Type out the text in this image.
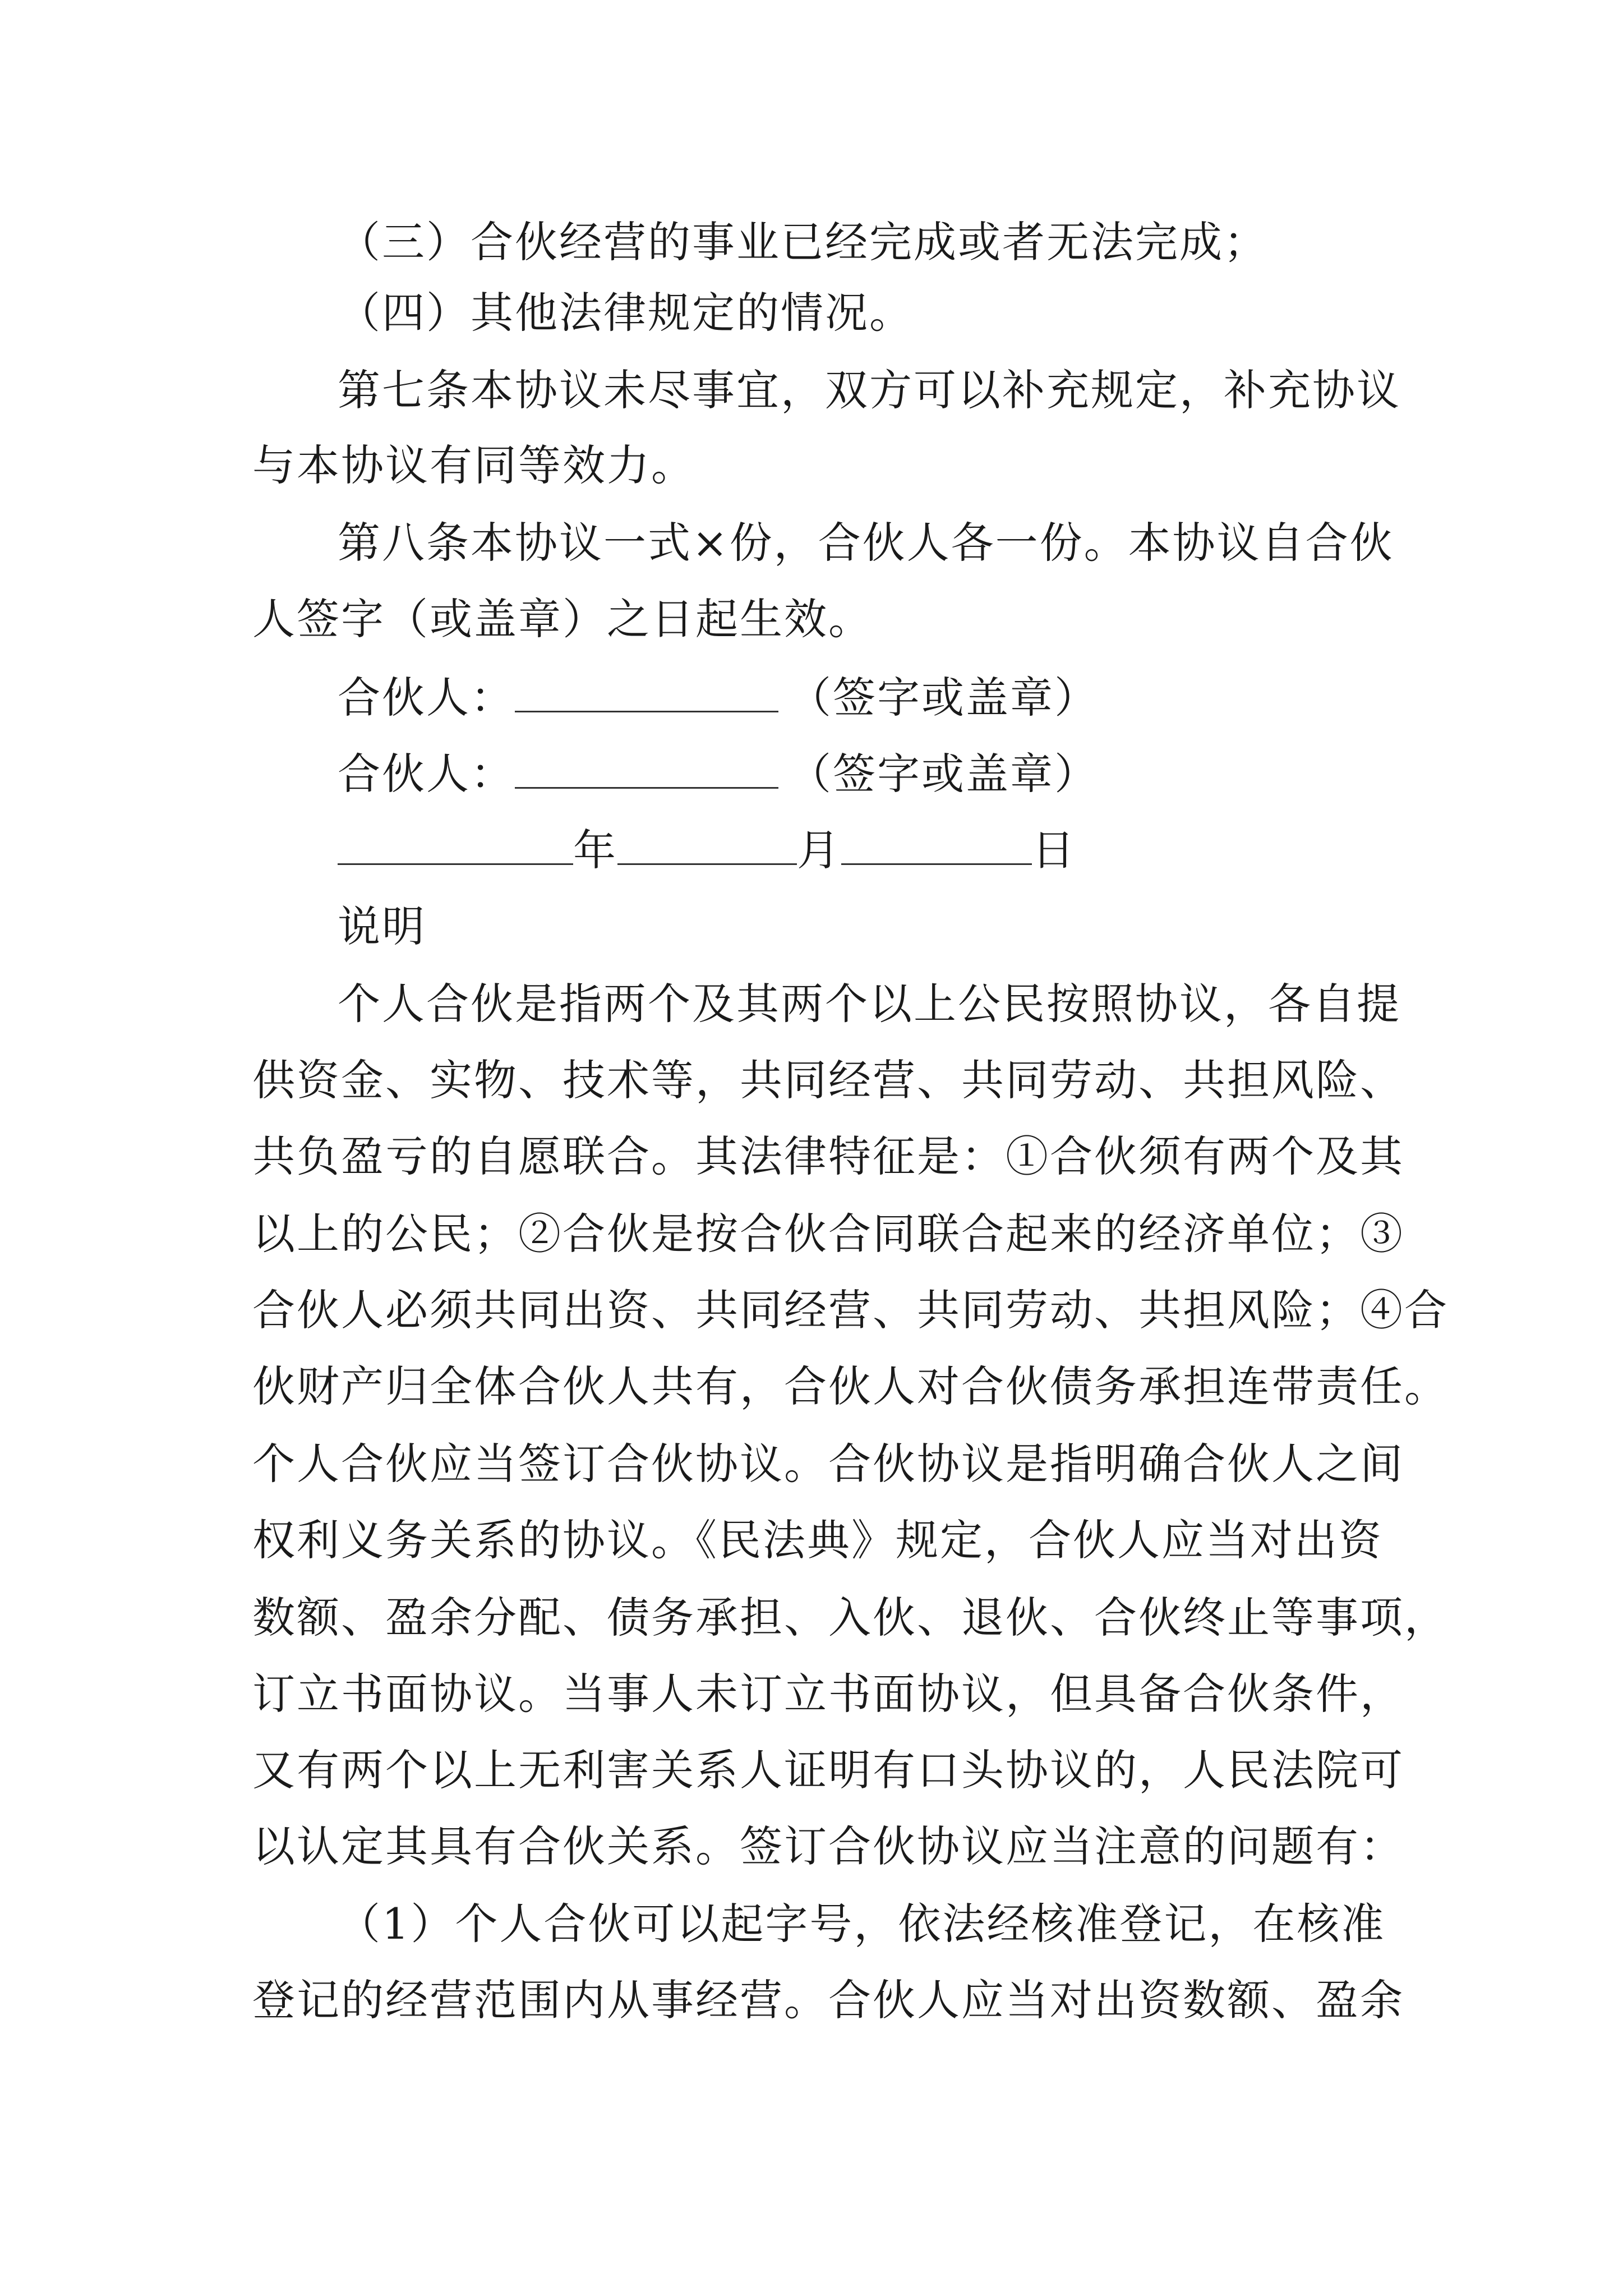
（三）合伙经营的事业已经完成或者无法完成；
（四）其他法律规定的情况。
第七条本协议未尽事宜，双方可以补充规定，补充协议
与本协议有同等效力。
第八条本协议一式×份，合伙人各一份。本协议自合伙
人签字（或盖章）之日起生效。
合伙人：	（签字或盖章）
合伙人：	（签字或盖章）
年	月	日
说明
个人合伙是指两个及其两个以上公民按照协议，各自提
供资金、实物、技术等，共同经营、共同劳动、共担风险、
共负盈亏的自愿联合。其法律特征是：①合伙须有两个及其
以上的公民；②合伙是按合伙合同联合起来的经济单位；③
合伙人必须共同出资、共同经营、共同劳动、共担风险；④合
伙财产归全体合伙人共有，合伙人对合伙债务承担连带责任。
个人合伙应当签订合伙协议。合伙协议是指明确合伙人之间
权利义务关系的协议。《民法典》规定，合伙人应当对出资
数额、盈余分配、债务承担、入伙、退伙、合伙终止等事项，
订立书面协议。当事人未订立书面协议，但具备合伙条件，
又有两个以上无利害关系人证明有口头协议的，人民法院可
以认定其具有合伙关系。签订合伙协议应当注意的问题有：
（1）个人合伙可以起字号，依法经核准登记，在核准
登记的经营范围内从事经营。合伙人应当对出资数额、盈余
